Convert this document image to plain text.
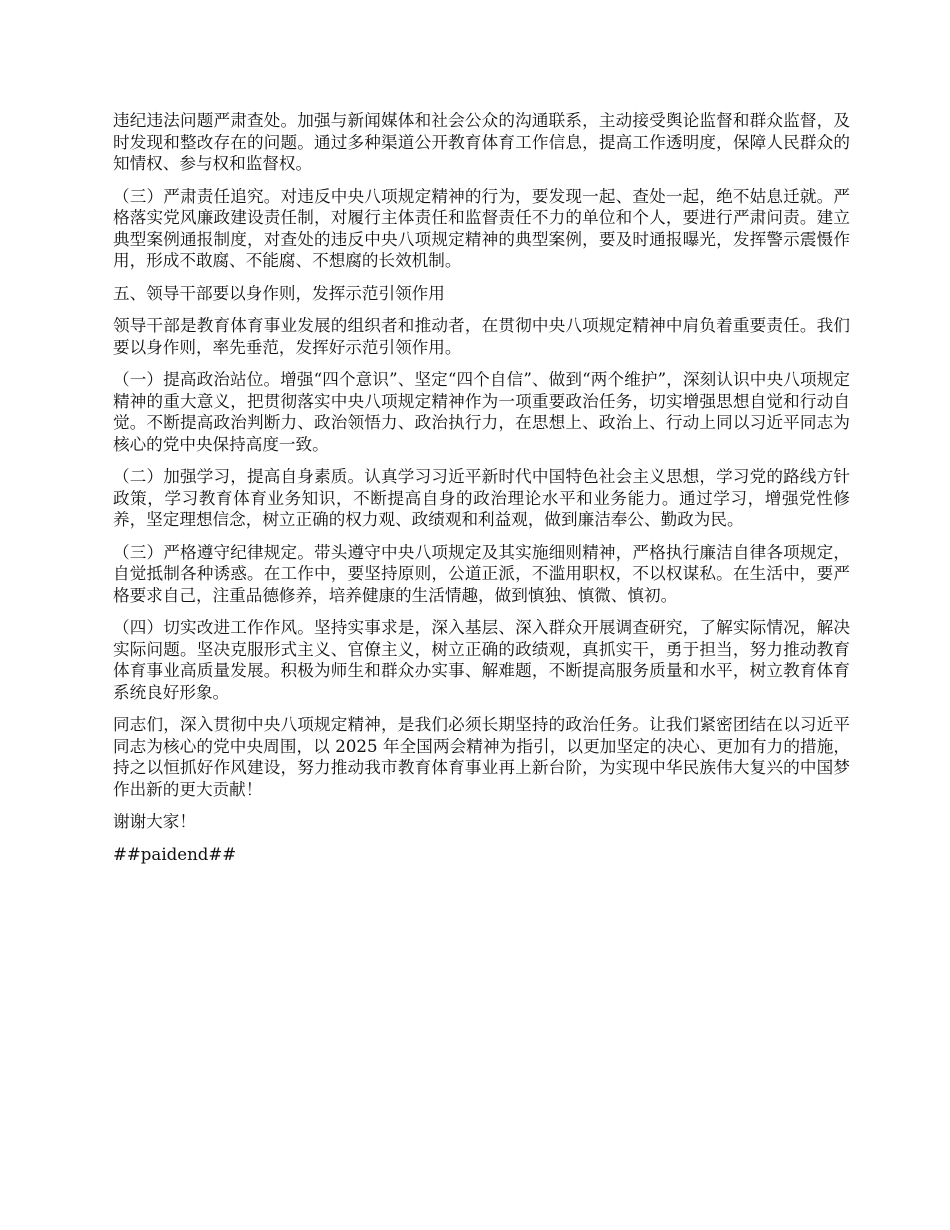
违纪违法问题严肃查处。加强与新闻媒体和社会公众的沟通联系，主动接受舆论监督和群众监督，及时发现和整改存在的问题。通过多种渠道公开教育体育工作信息，提高工作透明度，保障人民群众的知情权、参与权和监督权。

（三）严肃责任追究。对违反中央八项规定精神的行为，要发现一起、查处一起，绝不姑息迁就。严格落实党风廉政建设责任制，对履行主体责任和监督责任不力的单位和个人，要进行严肃问责。建立典型案例通报制度，对查处的违反中央八项规定精神的典型案例，要及时通报曝光，发挥警示震慑作用，形成不敢腐、不能腐、不想腐的长效机制。

五、领导干部要以身作则，发挥示范引领作用

领导干部是教育体育事业发展的组织者和推动者，在贯彻中央八项规定精神中肩负着重要责任。我们要以身作则，率先垂范，发挥好示范引领作用。

（一）提高政治站位。增强“四个意识”、坚定“四个自信”、做到“两个维护”，深刻认识中央八项规定精神的重大意义，把贯彻落实中央八项规定精神作为一项重要政治任务，切实增强思想自觉和行动自觉。不断提高政治判断力、政治领悟力、政治执行力，在思想上、政治上、行动上同以习近平同志为核心的党中央保持高度一致。

（二）加强学习，提高自身素质。认真学习习近平新时代中国特色社会主义思想，学习党的路线方针政策，学习教育体育业务知识，不断提高自身的政治理论水平和业务能力。通过学习，增强党性修养，坚定理想信念，树立正确的权力观、政绩观和利益观，做到廉洁奉公、勤政为民。

（三）严格遵守纪律规定。带头遵守中央八项规定及其实施细则精神，严格执行廉洁自律各项规定，自觉抵制各种诱惑。在工作中，要坚持原则，公道正派，不滥用职权，不以权谋私。在生活中，要严格要求自己，注重品德修养，培养健康的生活情趣，做到慎独、慎微、慎初。

（四）切实改进工作作风。坚持实事求是，深入基层、深入群众开展调查研究，了解实际情况，解决实际问题。坚决克服形式主义、官僚主义，树立正确的政绩观，真抓实干，勇于担当，努力推动教育体育事业高质量发展。积极为师生和群众办实事、解难题，不断提高服务质量和水平，树立教育体育系统良好形象。

同志们，深入贯彻中央八项规定精神，是我们必须长期坚持的政治任务。让我们紧密团结在以习近平同志为核心的党中央周围，以 2025 年全国两会精神为指引，以更加坚定的决心、更加有力的措施，持之以恒抓好作风建设，努力推动我市教育体育事业再上新台阶，为实现中华民族伟大复兴的中国梦作出新的更大贡献！

谢谢大家！

##paidend##
